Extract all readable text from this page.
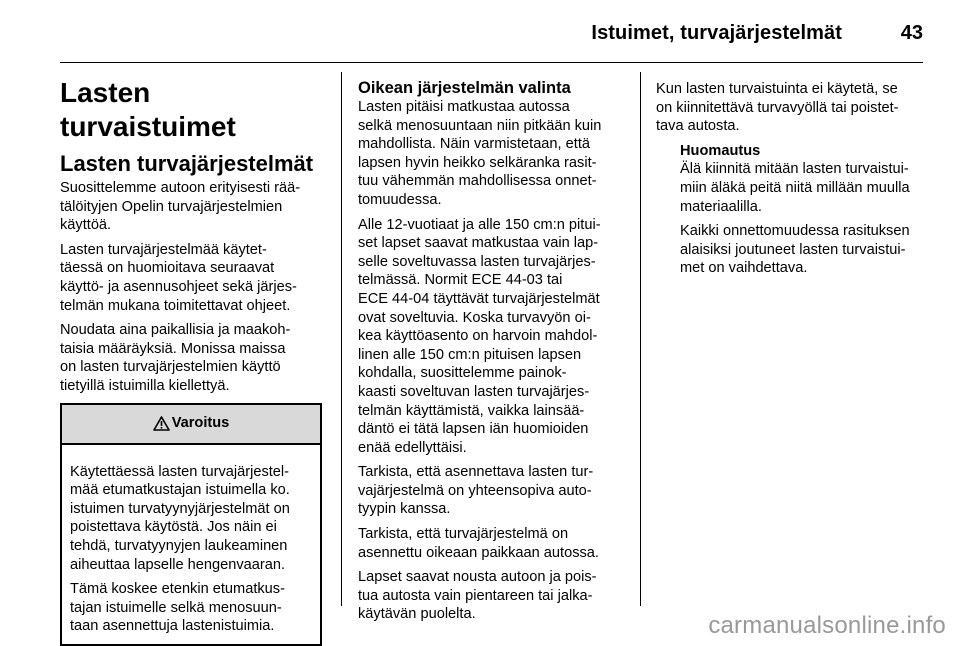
Istuimet, turvajärjestelmät	43
Lasten turvaistuimet
Lasten turvajärjestelmät

Suosittelemme autoon erityisesti rää-
tälöityjen Opelin turvajärjestelmien
käyttöä.

Lasten turvajärjestelmää käytet-
täessä on huomioitava seuraavat
käyttö- ja asennusohjeet sekä järjes-
telmän mukana toimitettavat ohjeet.

Noudata aina paikallisia ja maakoh-
taisia määräyksiä. Monissa maissa
on lasten turvajärjestelmien käyttö
tietyillä istuimilla kiellettyä.

Varoitus

Käytettäessä lasten turvajärjestel-
mää etumatkustajan istuimella ko.
istuimen turvatyynyjärjestelmät on
poistettava käytöstä. Jos näin ei
tehdä, turvatyynyjen laukeaminen
aiheuttaa lapselle hengenvaaran.

Tämä koskee etenkin etumatkus-
tajan istuimelle selkä menosuun-
taan asennettuja lastenistuimia.

Oikean järjestelmän valinta

Lasten pitäisi matkustaa autossa
selkä menosuuntaan niin pitkään kuin
mahdollista. Näin varmistetaan, että
lapsen hyvin heikko selkäranka rasit-
tuu vähemmän mahdollisessa onnet-
tomuudessa.

Alle 12-vuotiaat ja alle 150 cm:n pitui-
set lapset saavat matkustaa vain lap-
selle soveltuvassa lasten turvajärjes-
telmässä. Normit ECE 44-03 tai
ECE 44-04 täyttävät turvajärjestelmät
ovat soveltuvia. Koska turvavyön oi-
kea käyttöasento on harvoin mahdol-
linen alle 150 cm:n pituisen lapsen
kohdalla, suosittelemme painok-
kaasti soveltuvan lasten turvajärjes-
telmän käyttämistä, vaikka lainsää-
däntö ei tätä lapsen iän huomioiden
enää edellyttäisi.

Tarkista, että asennettava lasten tur-
vajärjestelmä on yhteensopiva auto-
tyypin kanssa.

Tarkista, että turvajärjestelmä on
asennettu oikeaan paikkaan autossa.

Lapset saavat nousta autoon ja pois-
tua autosta vain pientareen tai jalka-
käytävän puolelta.

Kun lasten turvaistuinta ei käytetä, se
on kiinnitettävä turvavyöllä tai poistet-
tava autosta.

Huomautus

Älä kiinnitä mitään lasten turvaistui-
miin äläkä peitä niitä millään muulla
materiaalilla.

Kaikki onnettomuudessa rasituksen
alaisiksi joutuneet lasten turvaistui-
met on vaihdettava.

carmanualsonline.info
